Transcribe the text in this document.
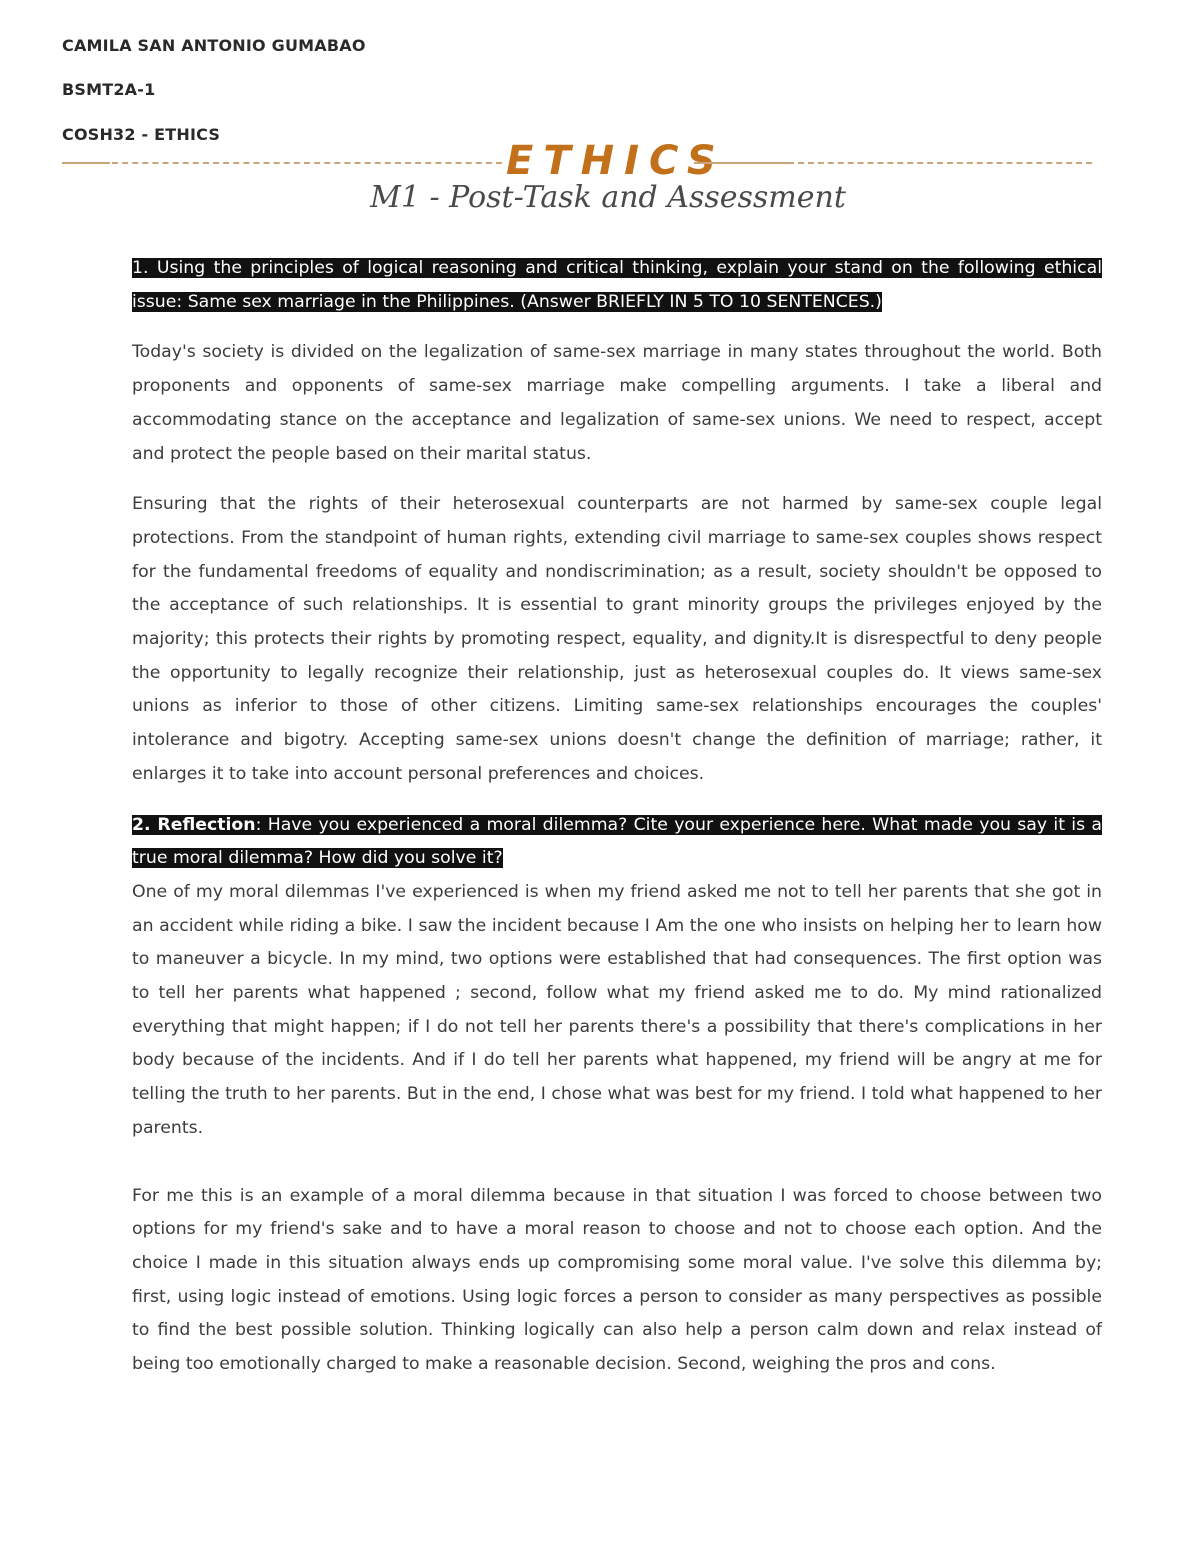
CAMILA SAN ANTONIO GUMABAO
BSMT2A-1
COSH32 - ETHICS
ETHICS
M1 - Post-Task and Assessment

1. Using the principles of logical reasoning and critical thinking, explain your stand on the following ethical issue: Same sex marriage in the Philippines. (Answer BRIEFLY IN 5 TO 10 SENTENCES.)

Today's society is divided on the legalization of same-sex marriage in many states throughout the world. Both proponents and opponents of same-sex marriage make compelling arguments. I take a liberal and accommodating stance on the acceptance and legalization of same-sex unions. We need to respect, accept and protect the people based on their marital status.

Ensuring that the rights of their heterosexual counterparts are not harmed by same-sex couple legal protections. From the standpoint of human rights, extending civil marriage to same-sex couples shows respect for the fundamental freedoms of equality and nondiscrimination; as a result, society shouldn't be opposed to the acceptance of such relationships. It is essential to grant minority groups the privileges enjoyed by the majority; this protects their rights by promoting respect, equality, and dignity.It is disrespectful to deny people the opportunity to legally recognize their relationship, just as heterosexual couples do. It views same-sex unions as inferior to those of other citizens. Limiting same-sex relationships encourages the couples' intolerance and bigotry. Accepting same-sex unions doesn't change the definition of marriage; rather, it enlarges it to take into account personal preferences and choices.

2. Reflection: Have you experienced a moral dilemma? Cite your experience here. What made you say it is a true moral dilemma? How did you solve it?

One of my moral dilemmas I've experienced is when my friend asked me not to tell her parents that she got in an accident while riding a bike. I saw the incident because I Am the one who insists on helping her to learn how to maneuver a bicycle. In my mind, two options were established that had consequences. The first option was to tell her parents what happened ; second, follow what my friend asked me to do. My mind rationalized everything that might happen; if I do not tell her parents there's a possibility that there's complications in her body because of the incidents. And if I do tell her parents what happened, my friend will be angry at me for telling the truth to her parents. But in the end, I chose what was best for my friend. I told what happened to her parents.

For me this is an example of a moral dilemma because in that situation I was forced to choose between two options for my friend's sake and to have a moral reason to choose and not to choose each option. And the choice I made in this situation always ends up compromising some moral value. I've solve this dilemma by; first, using logic instead of emotions. Using logic forces a person to consider as many perspectives as possible to find the best possible solution. Thinking logically can also help a person calm down and relax instead of being too emotionally charged to make a reasonable decision. Second, weighing the pros and cons.
